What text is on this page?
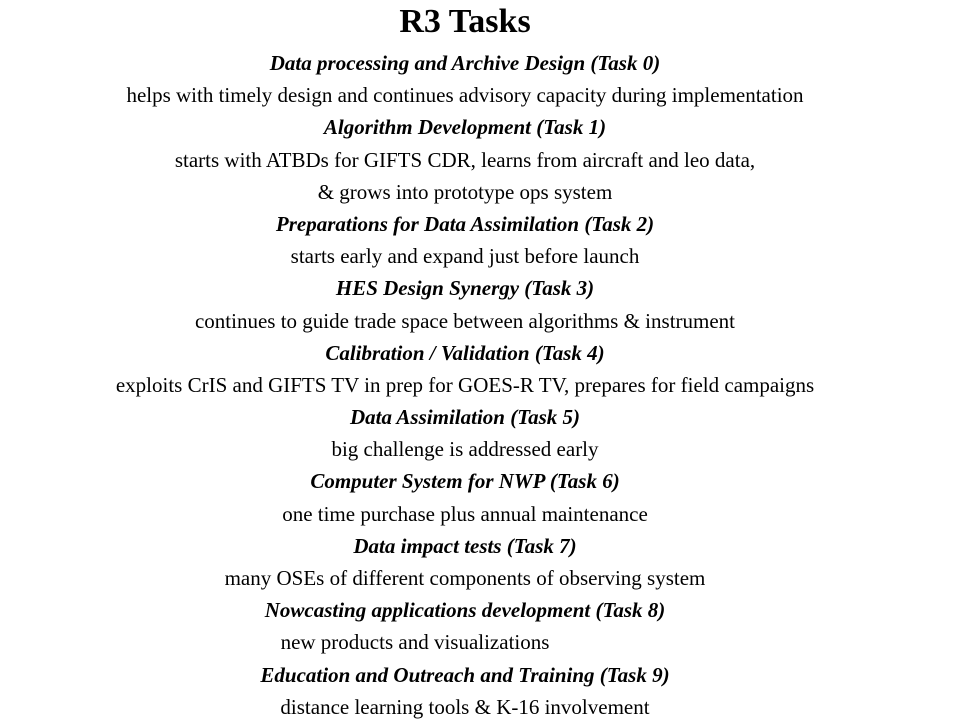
R3 Tasks
Data processing and Archive Design (Task 0)
helps with timely design and continues advisory capacity during implementation
Algorithm Development (Task 1)
starts with ATBDs for GIFTS CDR, learns from aircraft and leo data,
& grows into prototype ops system
Preparations for Data Assimilation (Task 2)
starts early and expand just before launch
HES Design Synergy (Task 3)
continues to guide trade space between algorithms & instrument
Calibration / Validation (Task 4)
exploits CrIS and GIFTS TV in prep for GOES-R TV, prepares for field campaigns
Data Assimilation (Task 5)
big challenge is addressed early
Computer System for NWP (Task 6)
one time purchase plus annual maintenance
Data impact tests (Task 7)
many OSEs of different components of observing system
Nowcasting applications development (Task 8)
new products and visualizations
Education and Outreach and Training (Task 9)
distance learning tools & K-16 involvement
